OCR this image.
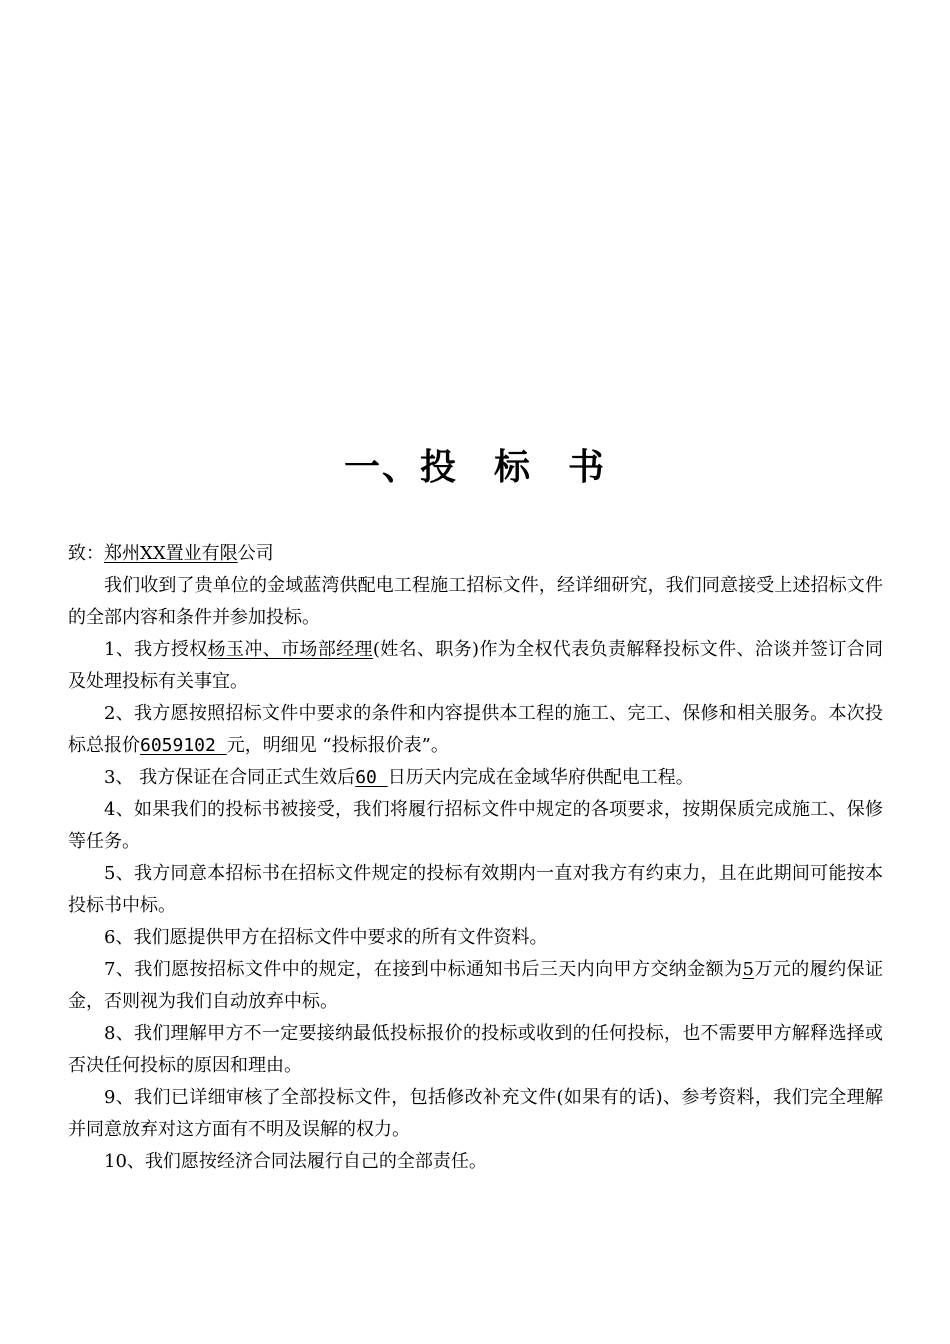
一、投 标 书

致：郑州XX置业有限公司

我们收到了贵单位的金域蓝湾供配电工程施工招标文件，经详细研究，我们同意接受上述招标文件的全部内容和条件并参加投标。

1、我方授权杨玉冲、市场部经理(姓名、职务)作为全权代表负责解释投标文件、洽谈并签订合同及处理投标有关事宜。

2、我方愿按照招标文件中要求的条件和内容提供本工程的施工、完工、保修和相关服务。本次投标总报价6059102 元，明细见 “投标报价表”。

3、 我方保证在合同正式生效后60 日历天内完成在金域华府供配电工程。

4、如果我们的投标书被接受，我们将履行招标文件中规定的各项要求，按期保质完成施工、保修等任务。

5、我方同意本招标书在招标文件规定的投标有效期内一直对我方有约束力，且在此期间可能按本投标书中标。

6、我们愿提供甲方在招标文件中要求的所有文件资料。

7、我们愿按招标文件中的规定，在接到中标通知书后三天内向甲方交纳金额为5万元的履约保证金，否则视为我们自动放弃中标。

8、我们理解甲方不一定要接纳最低投标报价的投标或收到的任何投标，也不需要甲方解释选择或否决任何投标的原因和理由。

9、我们已详细审核了全部投标文件，包括修改补充文件(如果有的话)、参考资料，我们完全理解并同意放弃对这方面有不明及误解的权力。

10、我们愿按经济合同法履行自己的全部责任。
